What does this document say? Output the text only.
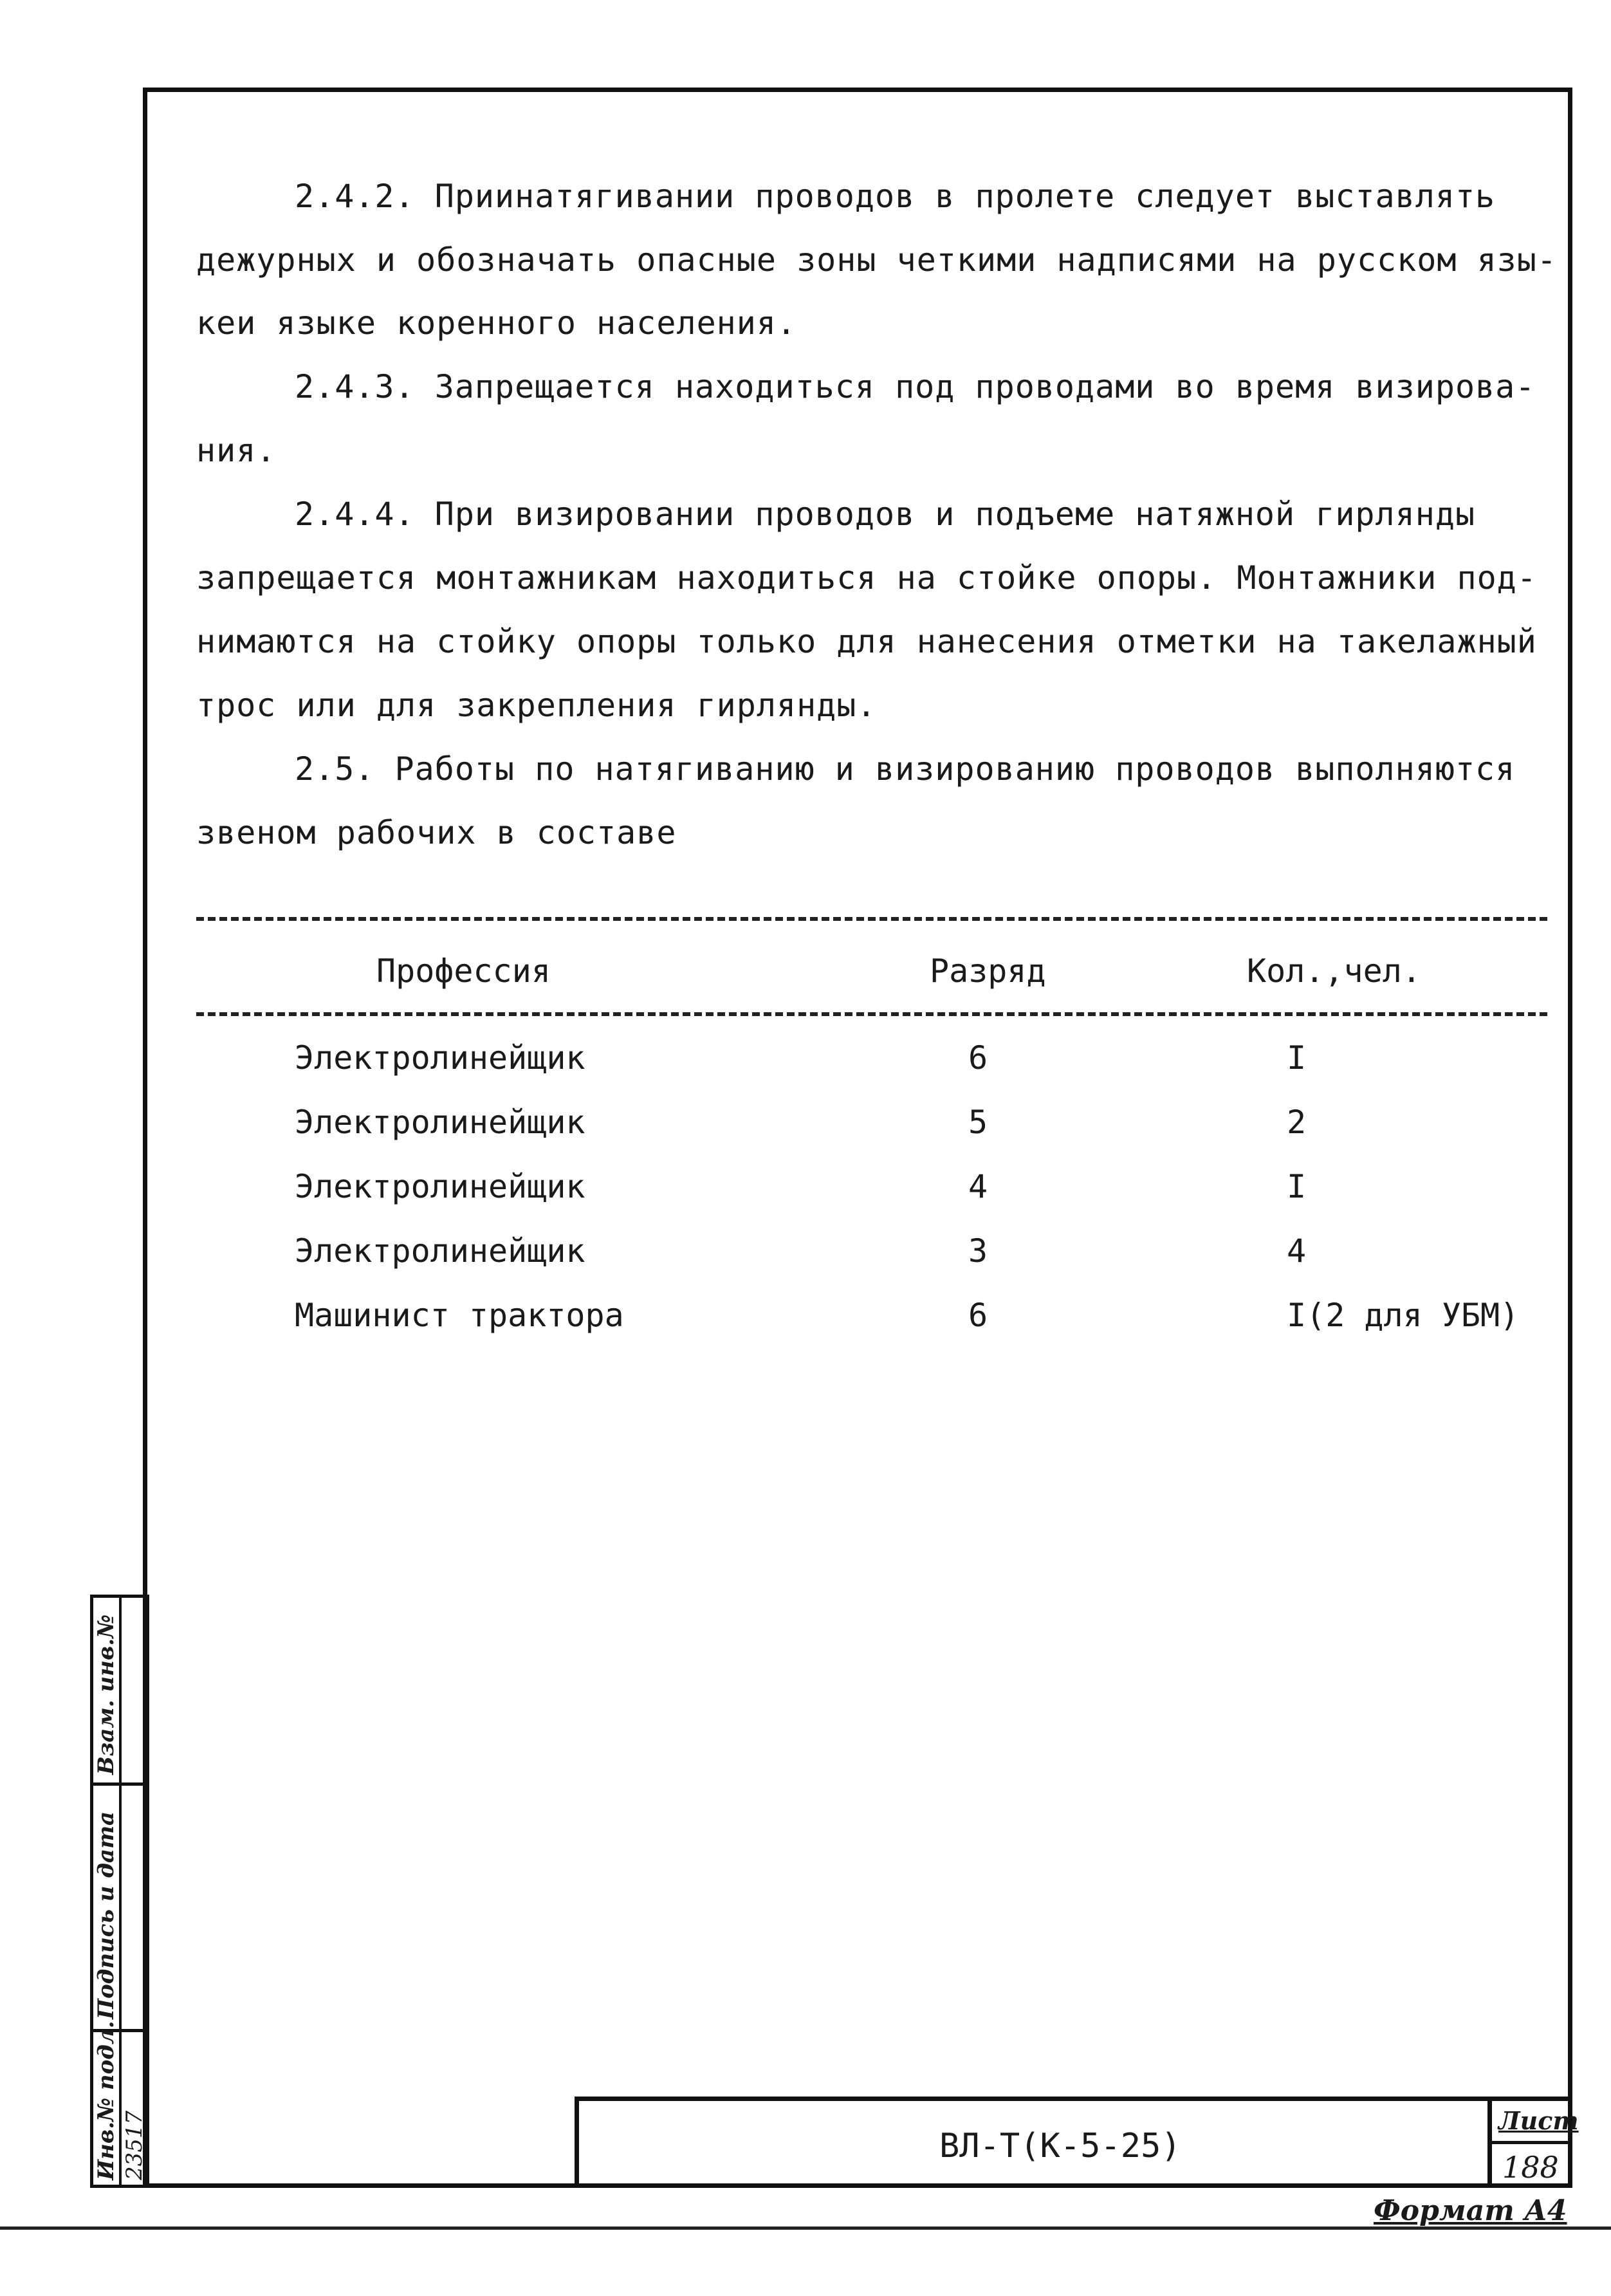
2.4.2. Приинатягивании проводов в пролете следует выставлять
дежурных и обозначать опасные зоны четкими надписями на русском язы-
кеи языке коренного населения.
2.4.3. Запрещается находиться под проводами во время визирова-
ния.
2.4.4. При визировании проводов и подъеме натяжной гирлянды
запрещается монтажникам находиться на стойке опоры. Монтажники под-
нимаются на стойку опоры только для нанесения отметки на такелажный
трос или для закрепления гирлянды.
2.5. Работы по натягиванию и визированию проводов выполняются
звеном рабочих в составе
Профессия	Разряд	Кол.,чел.
Электролинейщик	6	I
Электролинейщик	5	2
Электролинейщик	4	I
Электролинейщик	3	4
Машинист трактора	6	I(2 для УБМ)
Взам. инв.№
Подпись и дата
Инв.№ подл. 23517	ВЛ-Т(К-5-25)
Лист
188
Формат А4
